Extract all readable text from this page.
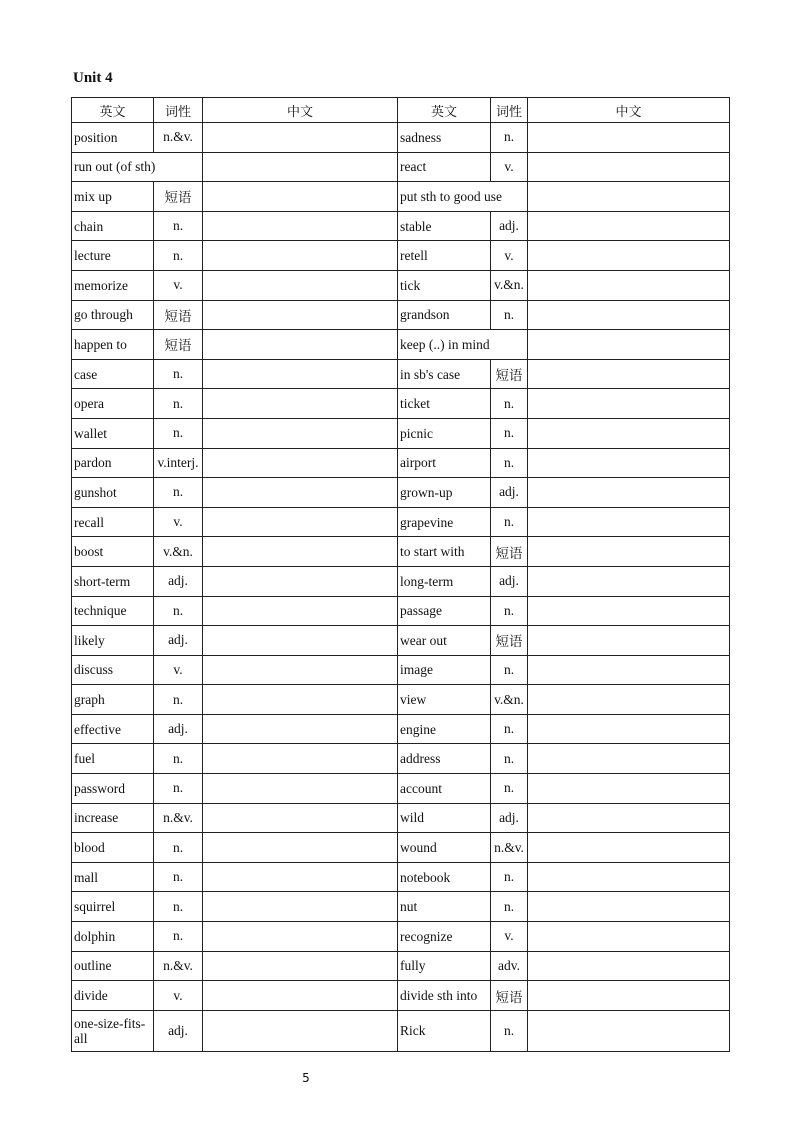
Unit 4
英文	词性	中文	英文	词性	中文
position	n.&v.		sadness	n.	
run out (of sth)			react	v.	
mix up	短语		put sth to good use		
chain	n.		stable	adj.	
lecture	n.		retell	v.	
memorize	v.		tick	v.&n.	
go through	短语		grandson	n.	
happen to	短语		keep (..) in mind		
case	n.		in sb's case	短语	
opera	n.		ticket	n.	
wallet	n.		picnic	n.	
pardon	v.interj.		airport	n.	
gunshot	n.		grown-up	adj.	
recall	v.		grapevine	n.	
boost	v.&n.		to start with	短语	
short-term	adj.		long-term	adj.	
technique	n.		passage	n.	
likely	adj.		wear out	短语	
discuss	v.		image	n.	
graph	n.		view	v.&n.	
effective	adj.		engine	n.	
fuel	n.		address	n.	
password	n.		account	n.	
increase	n.&v.		wild	adj.	
blood	n.		wound	n.&v.	
mall	n.		notebook	n.	
squirrel	n.		nut	n.	
dolphin	n.		recognize	v.	
outline	n.&v.		fully	adv.	
divide	v.		divide sth into	短语	
one-size-fits-all	adj.		Rick	n.	
5
